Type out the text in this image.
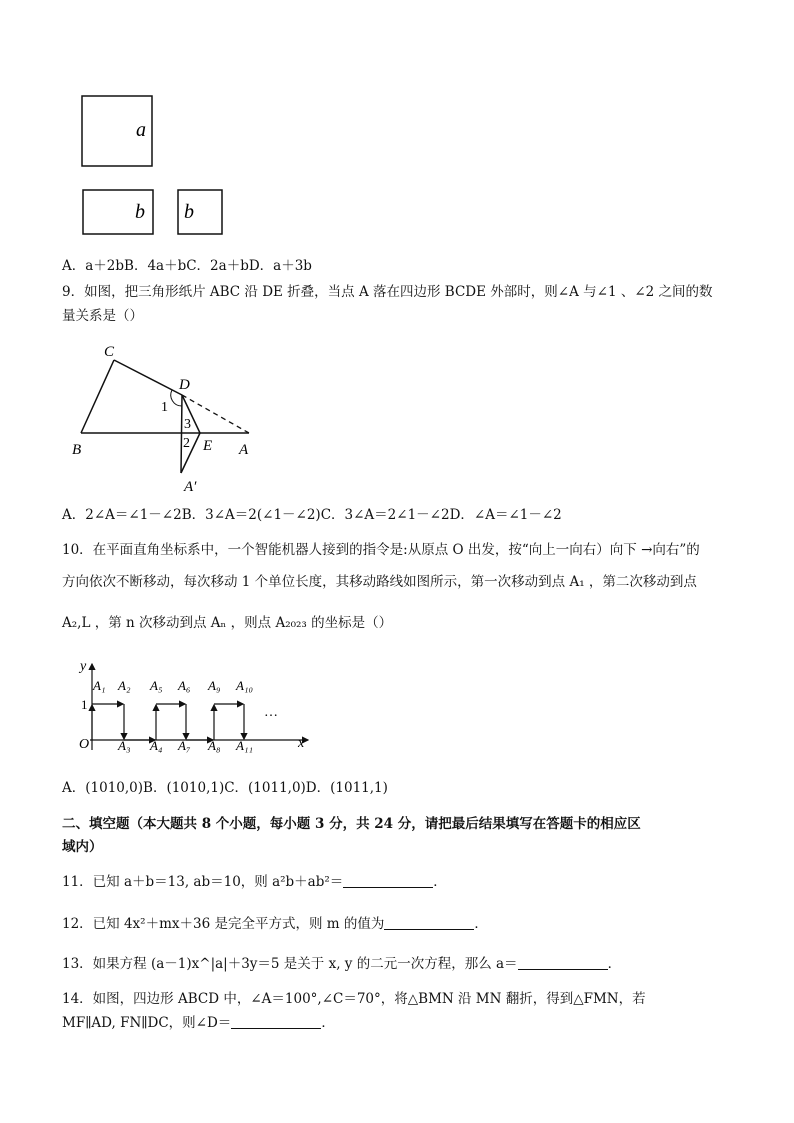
a
b b
A．a＋2bB．4a＋bC．2a＋bD．a＋3b
9．如图，把三角形纸片 ABC 沿 DE 折叠，当点 A 落在四边形 BCDE 外部时，则∠A 与∠1 、∠2 之间的数
量关系是（）
C
D
B	E A
A′
1
3
2
A．2∠A＝∠1－∠2B．3∠A＝2(∠1－∠2)C．3∠A＝2∠1－∠2D．∠A＝∠1－∠2
10．在平面直角坐标系中，一个智能机器人接到的指令是:从原点 O 出发，按“向上一向右）向下 →向右”的
方向依次不断移动，每次移动 1 个单位长度，其移动路线如图所示，第一次移动到点 A₁ ，第二次移动到点
A₂,L ，第 n 次移动到点 Aₙ ，则点 A₂₀₂₃ 的坐标是（）
y
x
O
1
A₁ A₂ A₅ A₆ A₉ A₁₀
…
A₃ A₄ A₇ A₈ A₁₁
A．(1010,0)B．(1010,1)C．(1011,0)D．(1011,1)
二、填空题（本大题共 8 个小题，每小题 3 分，共 24 分，请把最后结果填写在答题卡的相应区
域内）
11．已知 a＋b＝13, ab＝10，则 a²b＋ab²＝	．
12．已知 4x²＋mx＋36 是完全平方式，则 m 的值为	．
13．如果方程 (a－1)x^|a|＋3y＝5 是关于 x, y 的二元一次方程，那么 a＝	．
14．如图，四边形 ABCD 中，∠A＝100°,∠C＝70°，将△BMN 沿 MN 翻折，得到△FMN，若
MF∥AD, FN∥DC，则∠D＝	．
